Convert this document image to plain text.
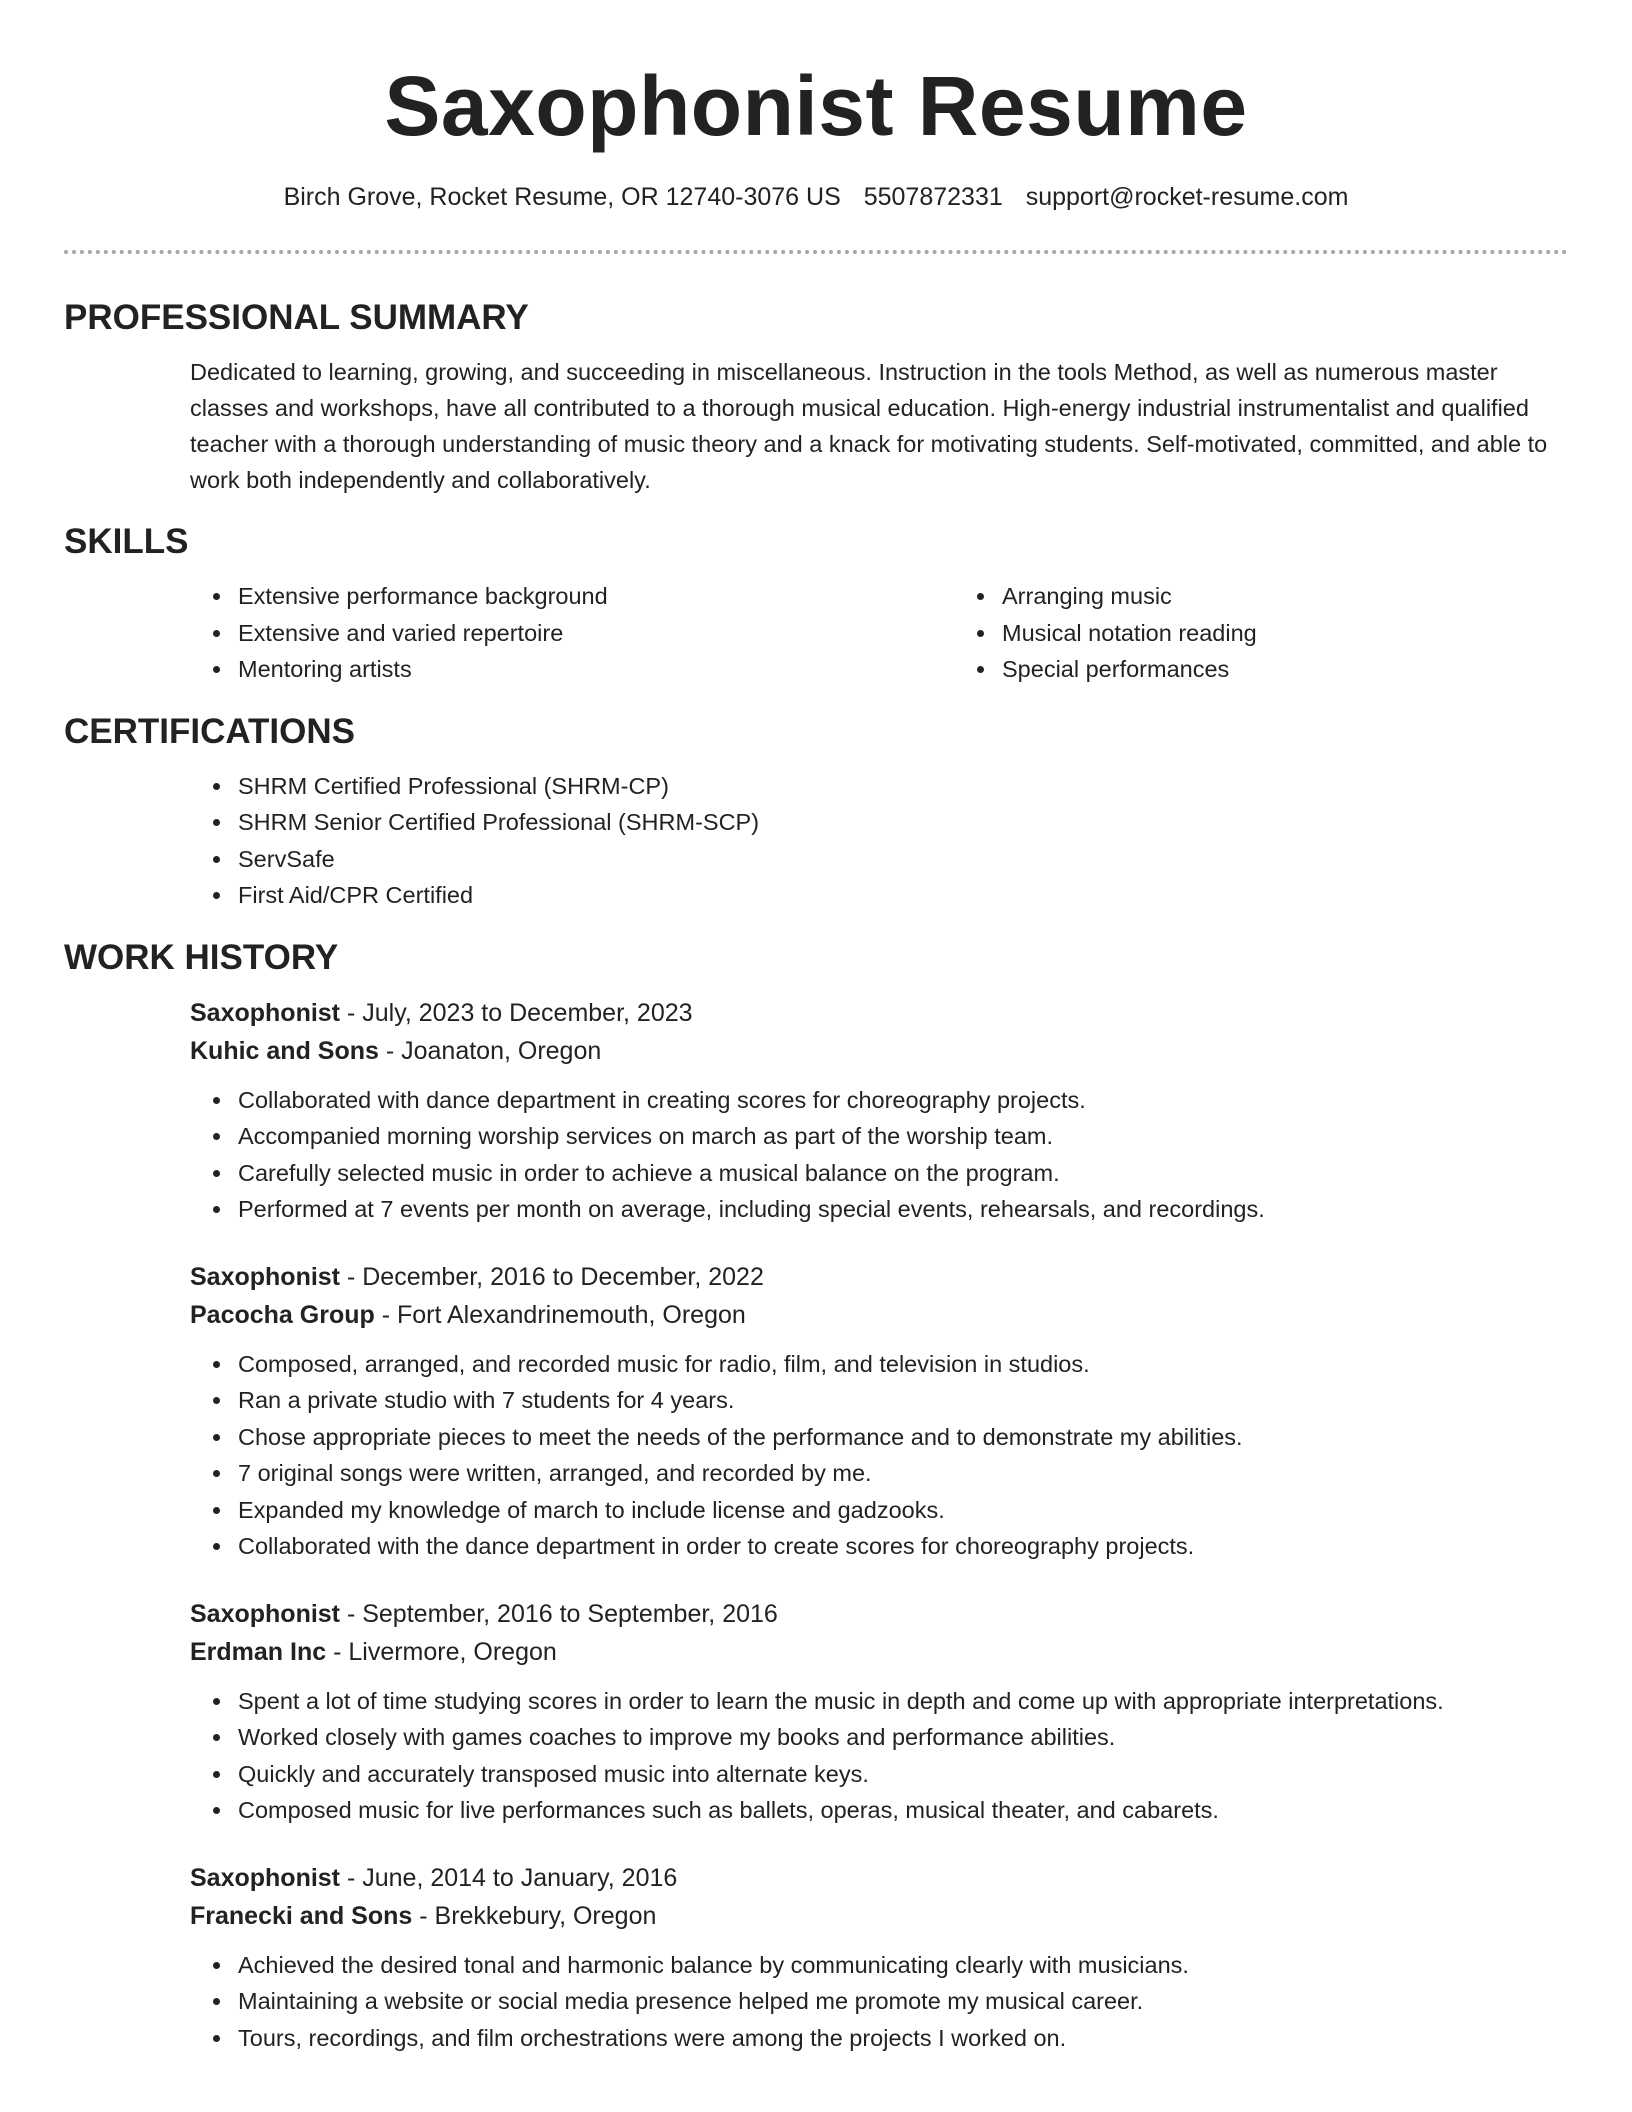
Saxophonist Resume
Birch Grove, Rocket Resume, OR 12740-3076 US 5507872331 support@rocket-resume.com
PROFESSIONAL SUMMARY
Dedicated to learning, growing, and succeeding in miscellaneous. Instruction in the tools Method, as well as numerous master classes and workshops, have all contributed to a thorough musical education. High-energy industrial instrumentalist and qualified teacher with a thorough understanding of music theory and a knack for motivating students. Self-motivated, committed, and able to work both independently and collaboratively.
SKILLS
• Extensive performance background
• Extensive and varied repertoire
• Mentoring artists
• Arranging music
• Musical notation reading
• Special performances
CERTIFICATIONS
• SHRM Certified Professional (SHRM-CP)
• SHRM Senior Certified Professional (SHRM-SCP)
• ServSafe
• First Aid/CPR Certified
WORK HISTORY
Saxophonist - July, 2023 to December, 2023
Kuhic and Sons - Joanaton, Oregon
• Collaborated with dance department in creating scores for choreography projects.
• Accompanied morning worship services on march as part of the worship team.
• Carefully selected music in order to achieve a musical balance on the program.
• Performed at 7 events per month on average, including special events, rehearsals, and recordings.
Saxophonist - December, 2016 to December, 2022
Pacocha Group - Fort Alexandrinemouth, Oregon
• Composed, arranged, and recorded music for radio, film, and television in studios.
• Ran a private studio with 7 students for 4 years.
• Chose appropriate pieces to meet the needs of the performance and to demonstrate my abilities.
• 7 original songs were written, arranged, and recorded by me.
• Expanded my knowledge of march to include license and gadzooks.
• Collaborated with the dance department in order to create scores for choreography projects.
Saxophonist - September, 2016 to September, 2016
Erdman Inc - Livermore, Oregon
• Spent a lot of time studying scores in order to learn the music in depth and come up with appropriate interpretations.
• Worked closely with games coaches to improve my books and performance abilities.
• Quickly and accurately transposed music into alternate keys.
• Composed music for live performances such as ballets, operas, musical theater, and cabarets.
Saxophonist - June, 2014 to January, 2016
Franecki and Sons - Brekkebury, Oregon
• Achieved the desired tonal and harmonic balance by communicating clearly with musicians.
• Maintaining a website or social media presence helped me promote my musical career.
• Tours, recordings, and film orchestrations were among the projects I worked on.
